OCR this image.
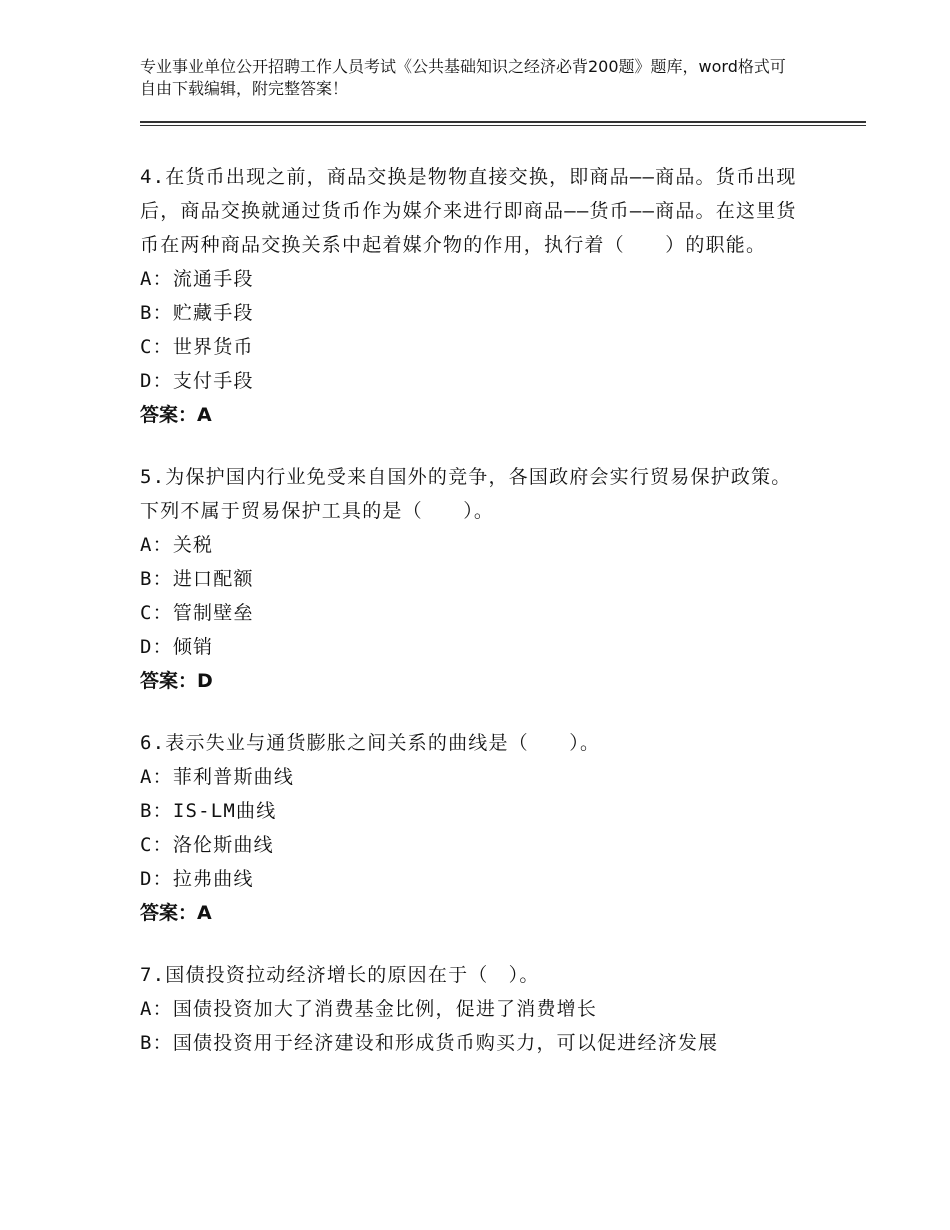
专业事业单位公开招聘工作人员考试《公共基础知识之经济必背200题》题库，word格式可自由下载编辑，附完整答案！

4.在货币出现之前，商品交换是物物直接交换，即商品——商品。货币出现后，商品交换就通过货币作为媒介来进行即商品——货币——商品。在这里货币在两种商品交换关系中起着媒介物的作用，执行着（　　）的职能。

A：流通手段

B：贮藏手段

C：世界货币

D：支付手段

答案：A

5.为保护国内行业免受来自国外的竞争，各国政府会实行贸易保护政策。下列不属于贸易保护工具的是（　　）。

A：关税

B：进口配额

C：管制壁垒

D：倾销

答案：D

6.表示失业与通货膨胀之间关系的曲线是（　　）。

A：菲利普斯曲线

B：IS-LM曲线

C：洛伦斯曲线

D：拉弗曲线

答案：A

7.国债投资拉动经济增长的原因在于（　）。

A：国债投资加大了消费基金比例，促进了消费增长

B：国债投资用于经济建设和形成货币购买力，可以促进经济发展
